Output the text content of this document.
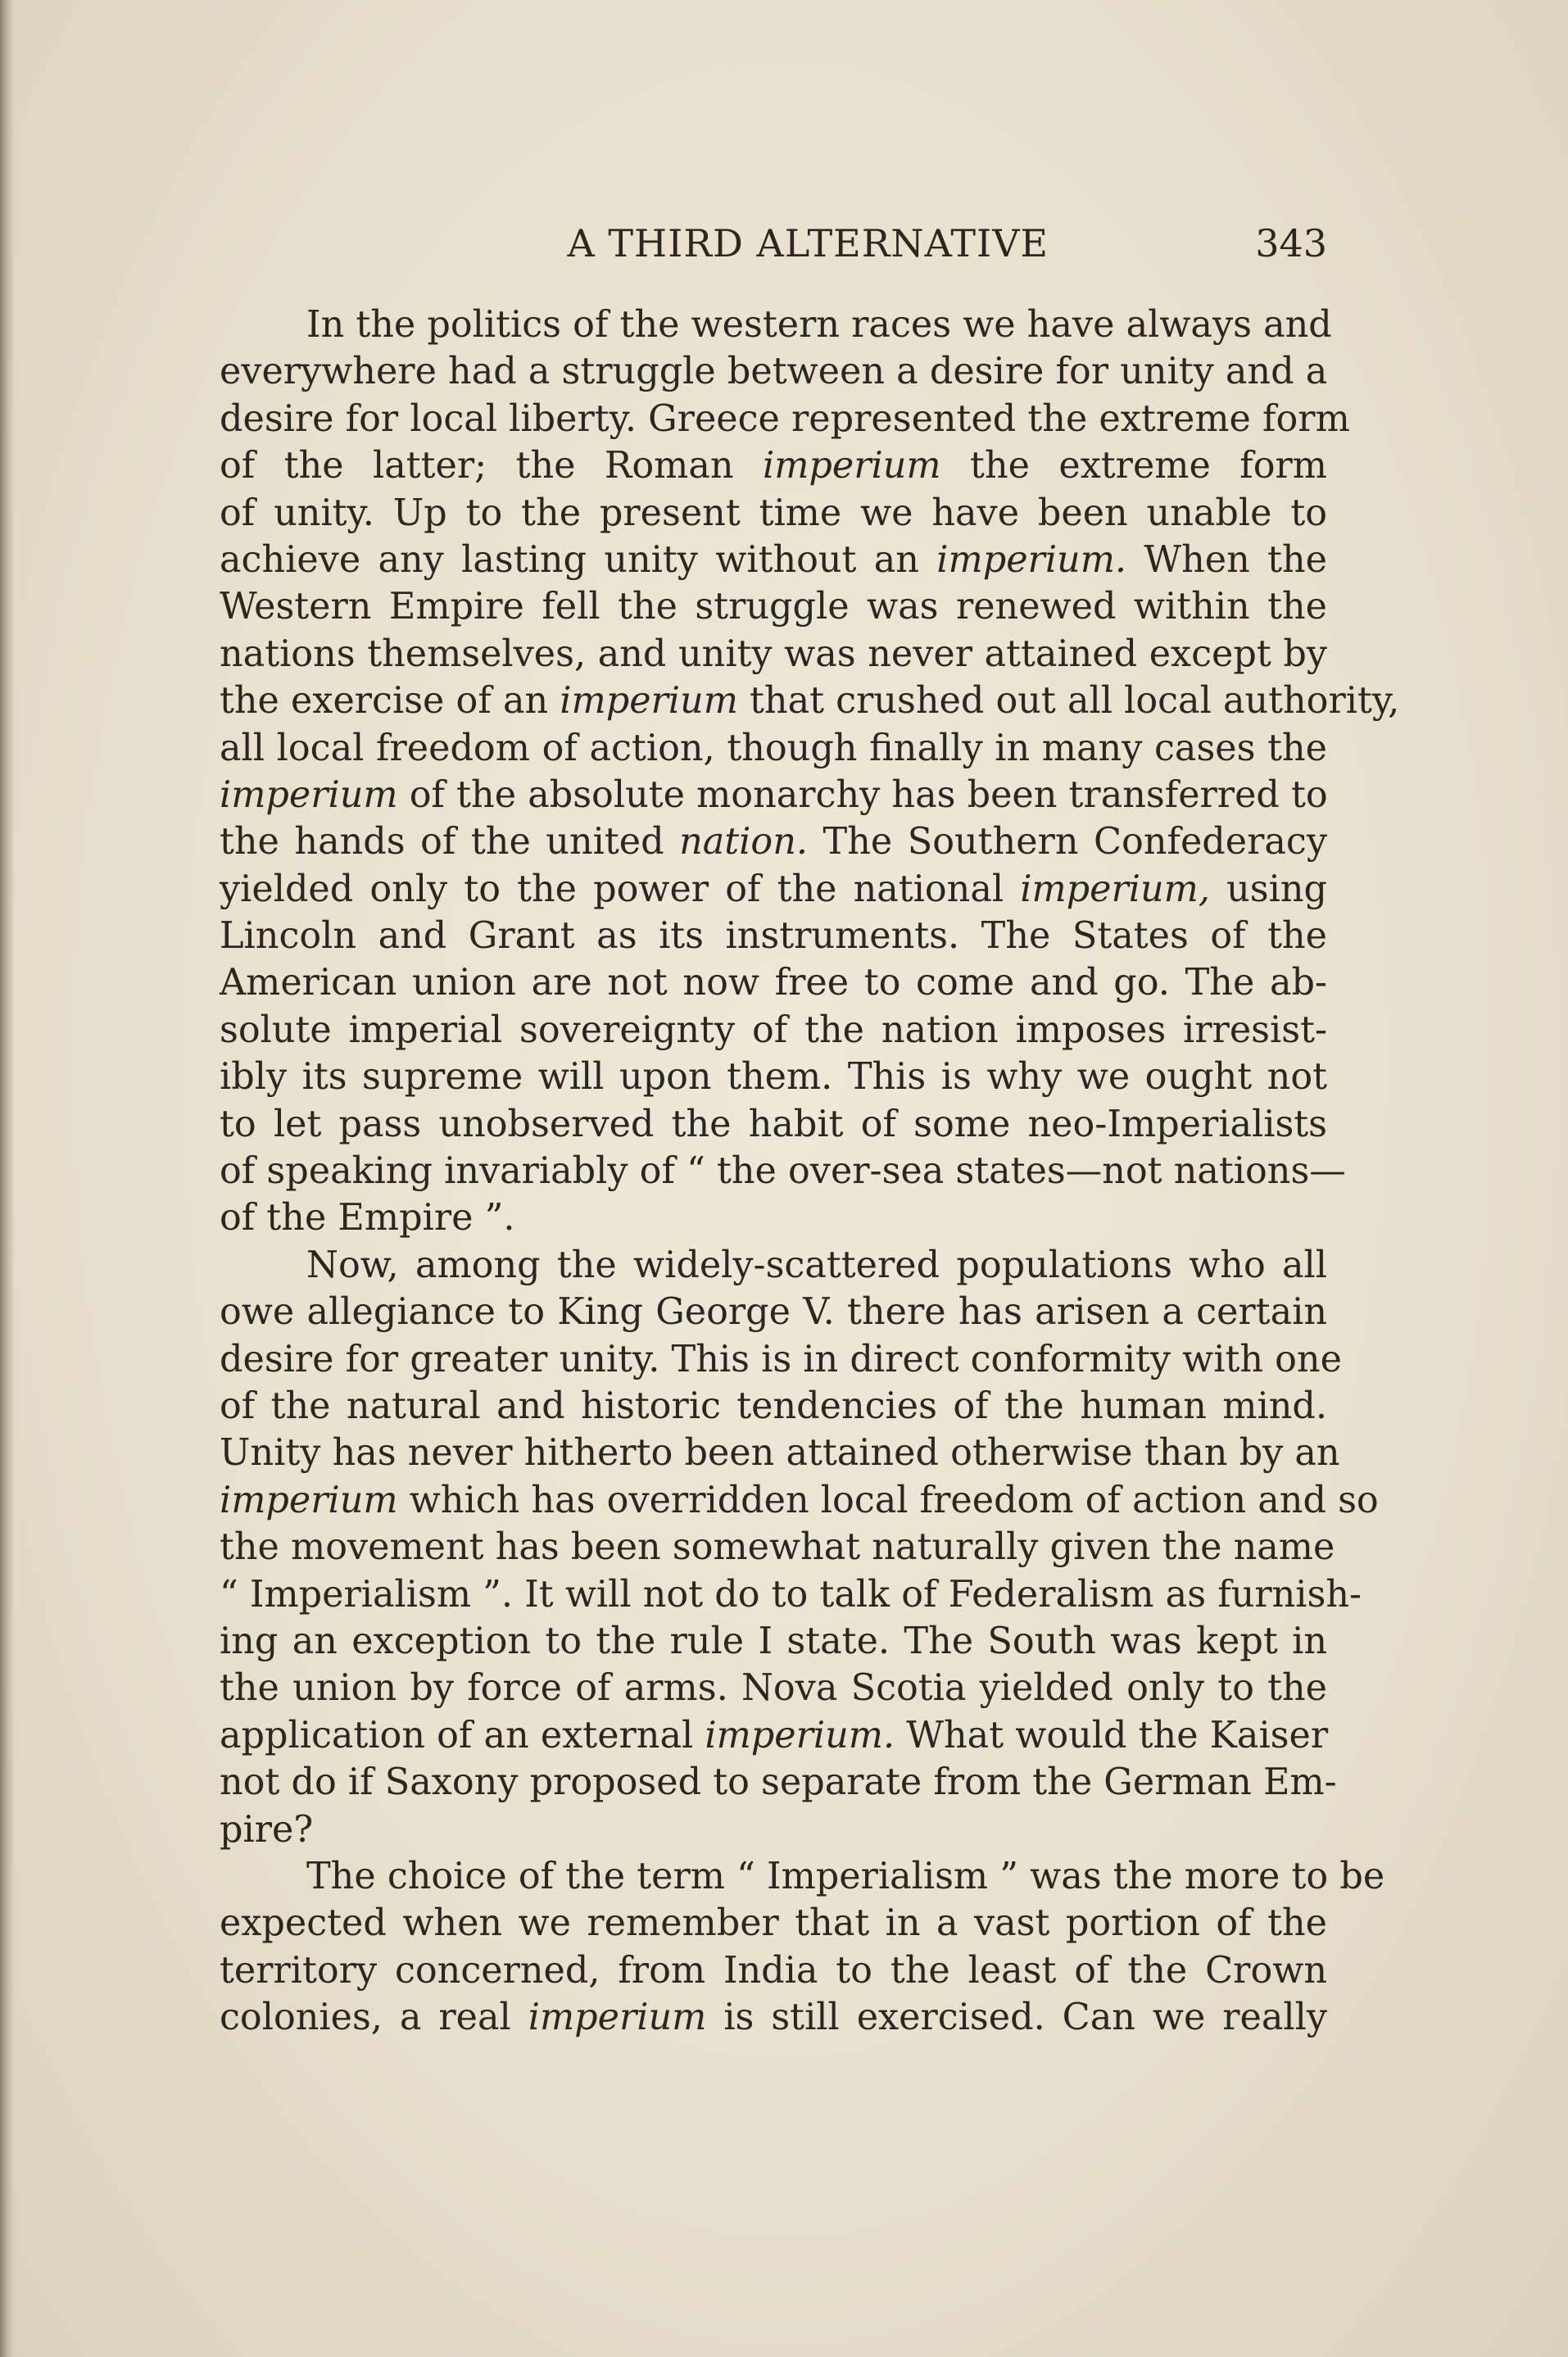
A THIRD ALTERNATIVE	343
In the politics of the western races we have always and
everywhere had a struggle between a desire for unity and a
desire for local liberty. Greece represented the extreme form
of the latter; the Roman imperium the extreme form
of unity. Up to the present time we have been unable to
achieve any lasting unity without an imperium. When the
Western Empire fell the struggle was renewed within the
nations themselves, and unity was never attained except by
the exercise of an imperium that crushed out all local authority,
all local freedom of action, though finally in many cases the
imperium of the absolute monarchy has been transferred to
the hands of the united nation. The Southern Confederacy
yielded only to the power of the national imperium, using
Lincoln and Grant as its instruments. The States of the
American union are not now free to come and go. The ab-
solute imperial sovereignty of the nation imposes irresist-
ibly its supreme will upon them. This is why we ought not
to let pass unobserved the habit of some neo-Imperialists
of speaking invariably of “ the over-sea states—not nations—
of the Empire ”.
Now, among the widely-scattered populations who all
owe allegiance to King George V. there has arisen a certain
desire for greater unity. This is in direct conformity with one
of the natural and historic tendencies of the human mind.
Unity has never hitherto been attained otherwise than by an
imperium which has overridden local freedom of action and so
the movement has been somewhat naturally given the name
“ Imperialism ”. It will not do to talk of Federalism as furnish-
ing an exception to the rule I state. The South was kept in
the union by force of arms. Nova Scotia yielded only to the
application of an external imperium. What would the Kaiser
not do if Saxony proposed to separate from the German Em-
pire?
The choice of the term “ Imperialism ” was the more to be
expected when we remember that in a vast portion of the
territory concerned, from India to the least of the Crown
colonies, a real imperium is still exercised. Can we really
